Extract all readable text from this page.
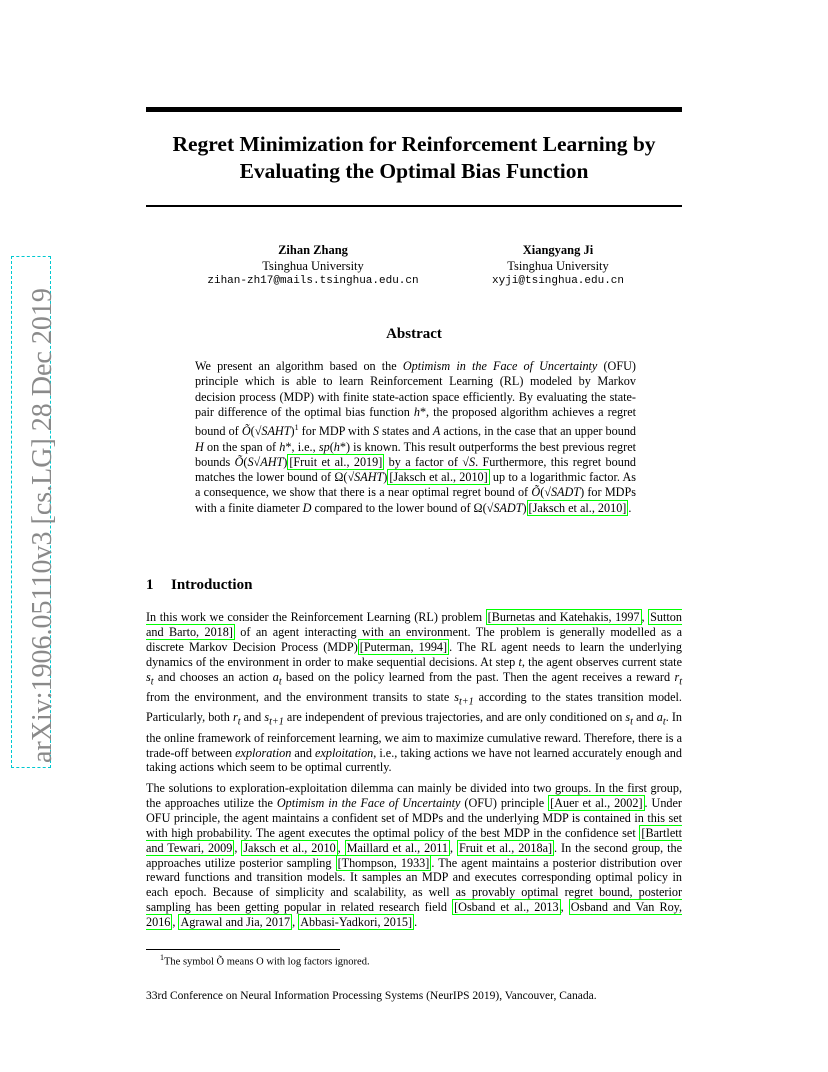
arXiv:1906.05110v3 [cs.LG] 28 Dec 2019
Regret Minimization for Reinforcement Learning by Evaluating the Optimal Bias Function
Zihan Zhang
Tsinghua University
zihan-zh17@mails.tsinghua.edu.cn
Xiangyang Ji
Tsinghua University
xyji@tsinghua.edu.cn
Abstract
We present an algorithm based on the Optimism in the Face of Uncertainty (OFU) principle which is able to learn Reinforcement Learning (RL) modeled by Markov decision process (MDP) with finite state-action space efficiently. By evaluating the state-pair difference of the optimal bias function h*, the proposed algorithm achieves a regret bound of Õ(√SAHT)$^1$ for MDP with S states and A actions, in the case that an upper bound H on the span of h*, i.e., sp(h*) is known. This result outperforms the best previous regret bounds Õ(S√AHT) [Fruit et al., 2019] by a factor of √S. Furthermore, this regret bound matches the lower bound of Ω(√SAHT) [Jaksch et al., 2010] up to a logarithmic factor. As a consequence, we show that there is a near optimal regret bound of Õ(√SADT) for MDPs with a finite diameter D compared to the lower bound of Ω(√SADT) [Jaksch et al., 2010] .
1 Introduction
In this work we consider the Reinforcement Learning (RL) problem [Burnetas and Katehakis, 1997 , Sutton and Barto, 2018] of an agent interacting with an environment. The problem is generally modelled as a discrete Markov Decision Process (MDP) [Puterman, 1994] . The RL agent needs to learn the underlying dynamics of the environment in order to make sequential decisions. At step t, the agent observes current state $s_t$ and chooses an action $a_t$ based on the policy learned from the past. Then the agent receives a reward $r_t$ from the environment, and the environment transits to state $s_{t+1}$ according to the states transition model. Particularly, both $r_t$ and $s_{t+1}$ are independent of previous trajectories, and are only conditioned on $s_t$ and $a_t$. In the online framework of reinforcement learning, we aim to maximize cumulative reward. Therefore, there is a trade-off between exploration and exploitation, i.e., taking actions we have not learned accurately enough and taking actions which seem to be optimal currently.
The solutions to exploration-exploitation dilemma can mainly be divided into two groups. In the first group, the approaches utilize the Optimism in the Face of Uncertainty (OFU) principle [Auer et al., 2002] . Under OFU principle, the agent maintains a confident set of MDPs and the underlying MDP is contained in this set with high probability. The agent executes the optimal policy of the best MDP in the confidence set [Bartlett and Tewari, 2009 , Jaksch et al., 2010 , Maillard et al., 2011 , Fruit et al., 2018a] . In the second group, the approaches utilize posterior sampling [Thompson, 1933] . The agent maintains a posterior distribution over reward functions and transition models. It samples an MDP and executes corresponding optimal policy in each epoch. Because of simplicity and scalability, as well as provably optimal regret bound, posterior sampling has been getting popular in related research field [Osband et al., 2013 , Osband and Van Roy, 2016 , Agrawal and Jia, 2017 , Abbasi-Yadkori, 2015] .
$^1$The symbol Õ means O with log factors ignored.
33rd Conference on Neural Information Processing Systems (NeurIPS 2019), Vancouver, Canada.
